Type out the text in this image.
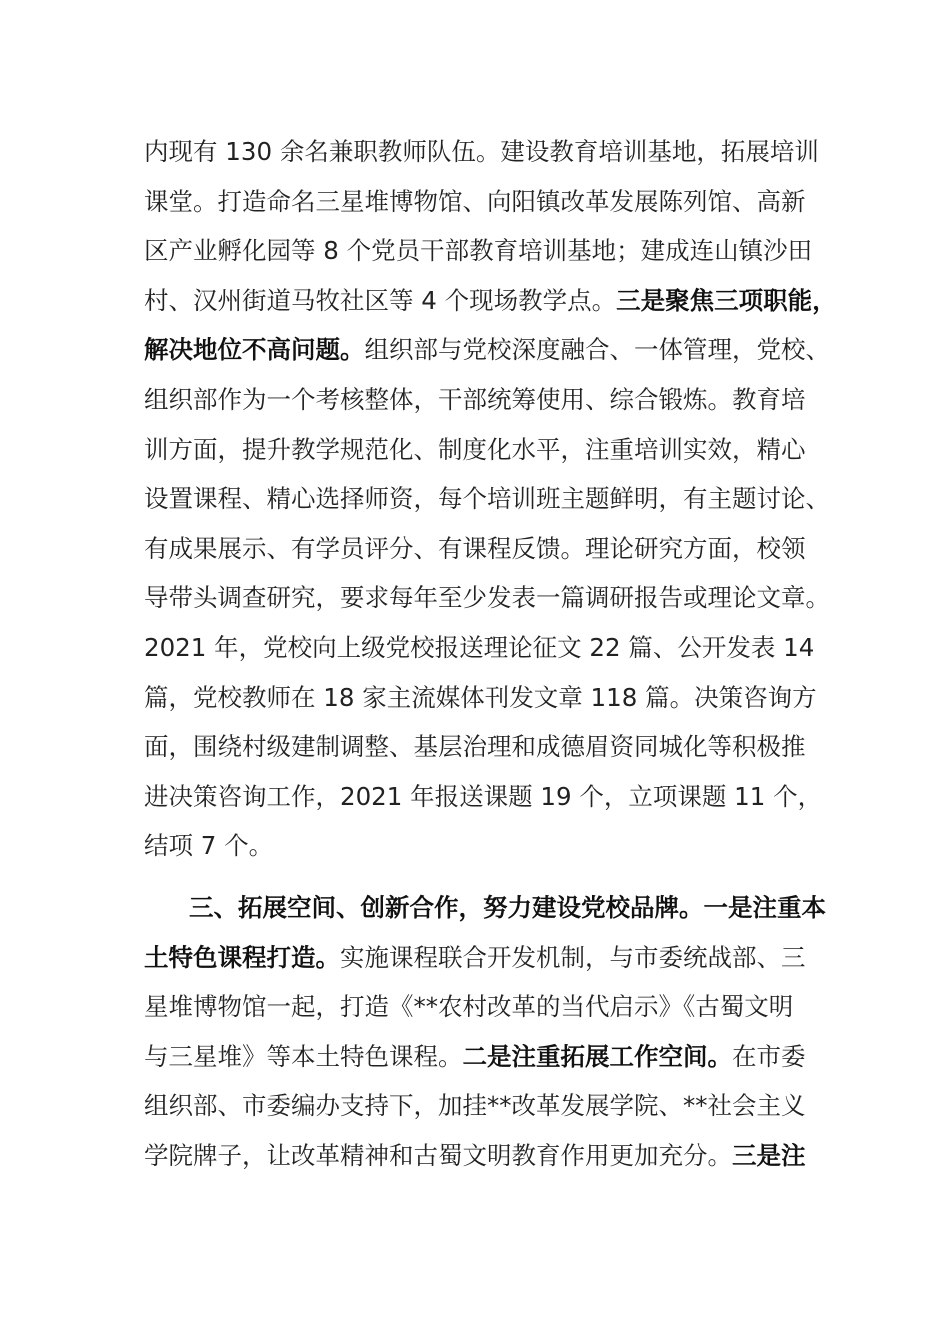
内现有 130 余名兼职教师队伍。建设教育培训基地，拓展培训
课堂。打造命名三星堆博物馆、向阳镇改革发展陈列馆、高新
区产业孵化园等 8 个党员干部教育培训基地；建成连山镇沙田
村、汉州街道马牧社区等 4 个现场教学点。三是聚焦三项职能，
解决地位不高问题。组织部与党校深度融合、一体管理，党校、
组织部作为一个考核整体，干部统筹使用、综合锻炼。教育培
训方面，提升教学规范化、制度化水平，注重培训实效，精心
设置课程、精心选择师资，每个培训班主题鲜明，有主题讨论、
有成果展示、有学员评分、有课程反馈。理论研究方面，校领
导带头调查研究，要求每年至少发表一篇调研报告或理论文章。
2021 年，党校向上级党校报送理论征文 22 篇、公开发表 14
篇，党校教师在 18 家主流媒体刊发文章 118 篇。决策咨询方
面，围绕村级建制调整、基层治理和成德眉资同城化等积极推
进决策咨询工作，2021 年报送课题 19 个，立项课题 11 个，
结项 7 个。
三、拓展空间、创新合作，努力建设党校品牌。一是注重本
土特色课程打造。实施课程联合开发机制，与市委统战部、三
星堆博物馆一起，打造《**农村改革的当代启示》《古蜀文明
与三星堆》等本土特色课程。二是注重拓展工作空间。在市委
组织部、市委编办支持下，加挂**改革发展学院、**社会主义
学院牌子，让改革精神和古蜀文明教育作用更加充分。三是注
